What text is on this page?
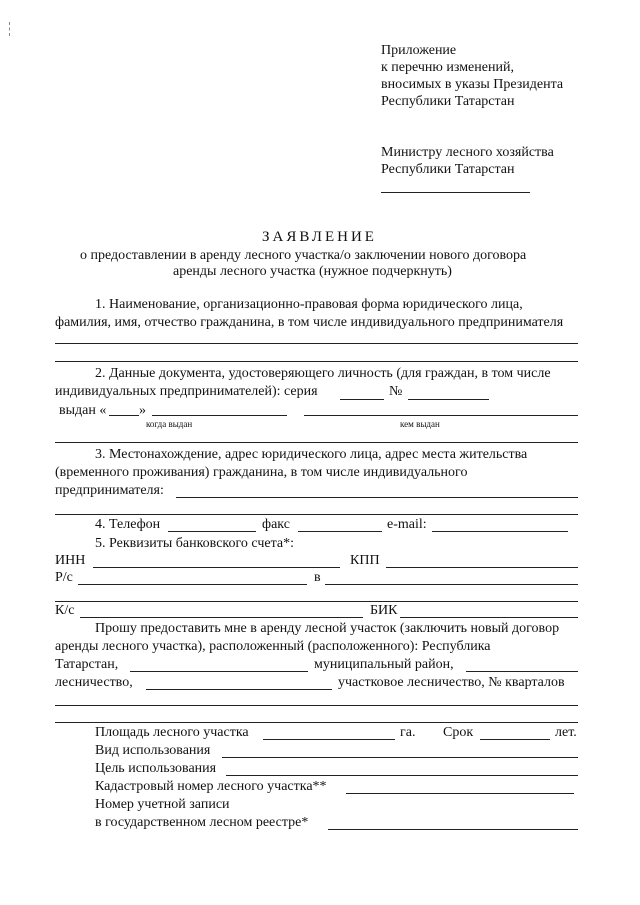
Приложение
к перечню изменений,
вносимых в указы Президента
Республики Татарстан
Министру лесного хозяйства
Республики Татарстан
ЗАЯВЛЕНИЕ
о предоставлении в аренду лесного участка/о заключении нового договора
аренды лесного участка (нужное подчеркнуть)
1. Наименование, организационно-правовая форма юридического лица,
фамилия, имя, отчество гражданина, в том числе индивидуального предпринимателя
2. Данные документа, удостоверяющего личность (для граждан, в том числе
индивидуальных предпринимателей): серия	№
выдан « »
когда выдан	кем выдан
3. Местонахождение, адрес юридического лица, адрес места жительства
(временного проживания) гражданина, в том числе индивидуального
предпринимателя:
4. Телефон	факс	e-mail:
5. Реквизиты банковского счета*:
ИНН	КПП
Р/с	в
К/с	БИК
Прошу предоставить мне в аренду лесной участок (заключить новый договор
аренды лесного участка), расположенный (расположенного): Республика
Татарстан,	муниципальный район,
лесничество,	участковое лесничество, № кварталов
Площадь лесного участка	га. Срок	лет.
Вид использования
Цель использования
Кадастровый номер лесного участка**
Номер учетной записи
в государственном лесном реестре*
